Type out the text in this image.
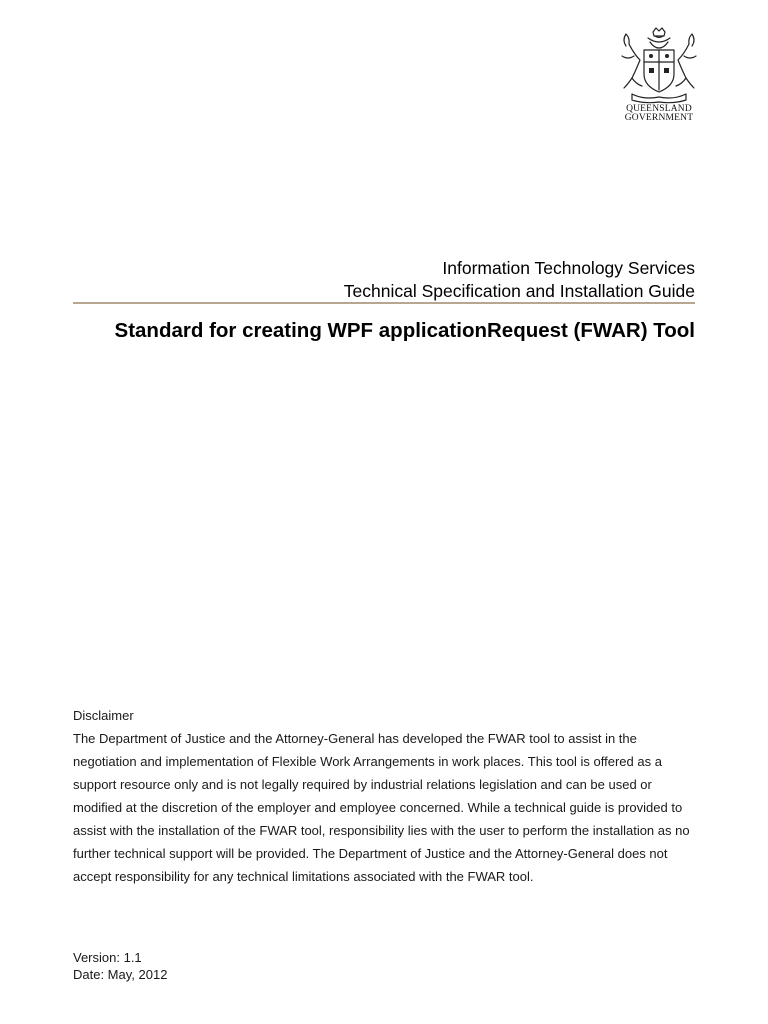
QUEENSLAND
GOVERNMENT
Information Technology Services
Technical Specification and Installation Guide
Standard for creating WPF applicationRequest (FWAR) Tool
Disclaimer

The Department of Justice and the Attorney-General has developed the FWAR tool to assist in the negotiation and implementation of Flexible Work Arrangements in work places. This tool is offered as a support resource only and is not legally required by industrial relations legislation and can be used or modified at the discretion of the employer and employee concerned. While a technical guide is provided to assist with the installation of the FWAR tool, responsibility lies with the user to perform the installation as no further technical support will be provided. The Department of Justice and the Attorney-General does not accept responsibility for any technical limitations associated with the FWAR tool.

Version: 1.1
Date: May, 2012
